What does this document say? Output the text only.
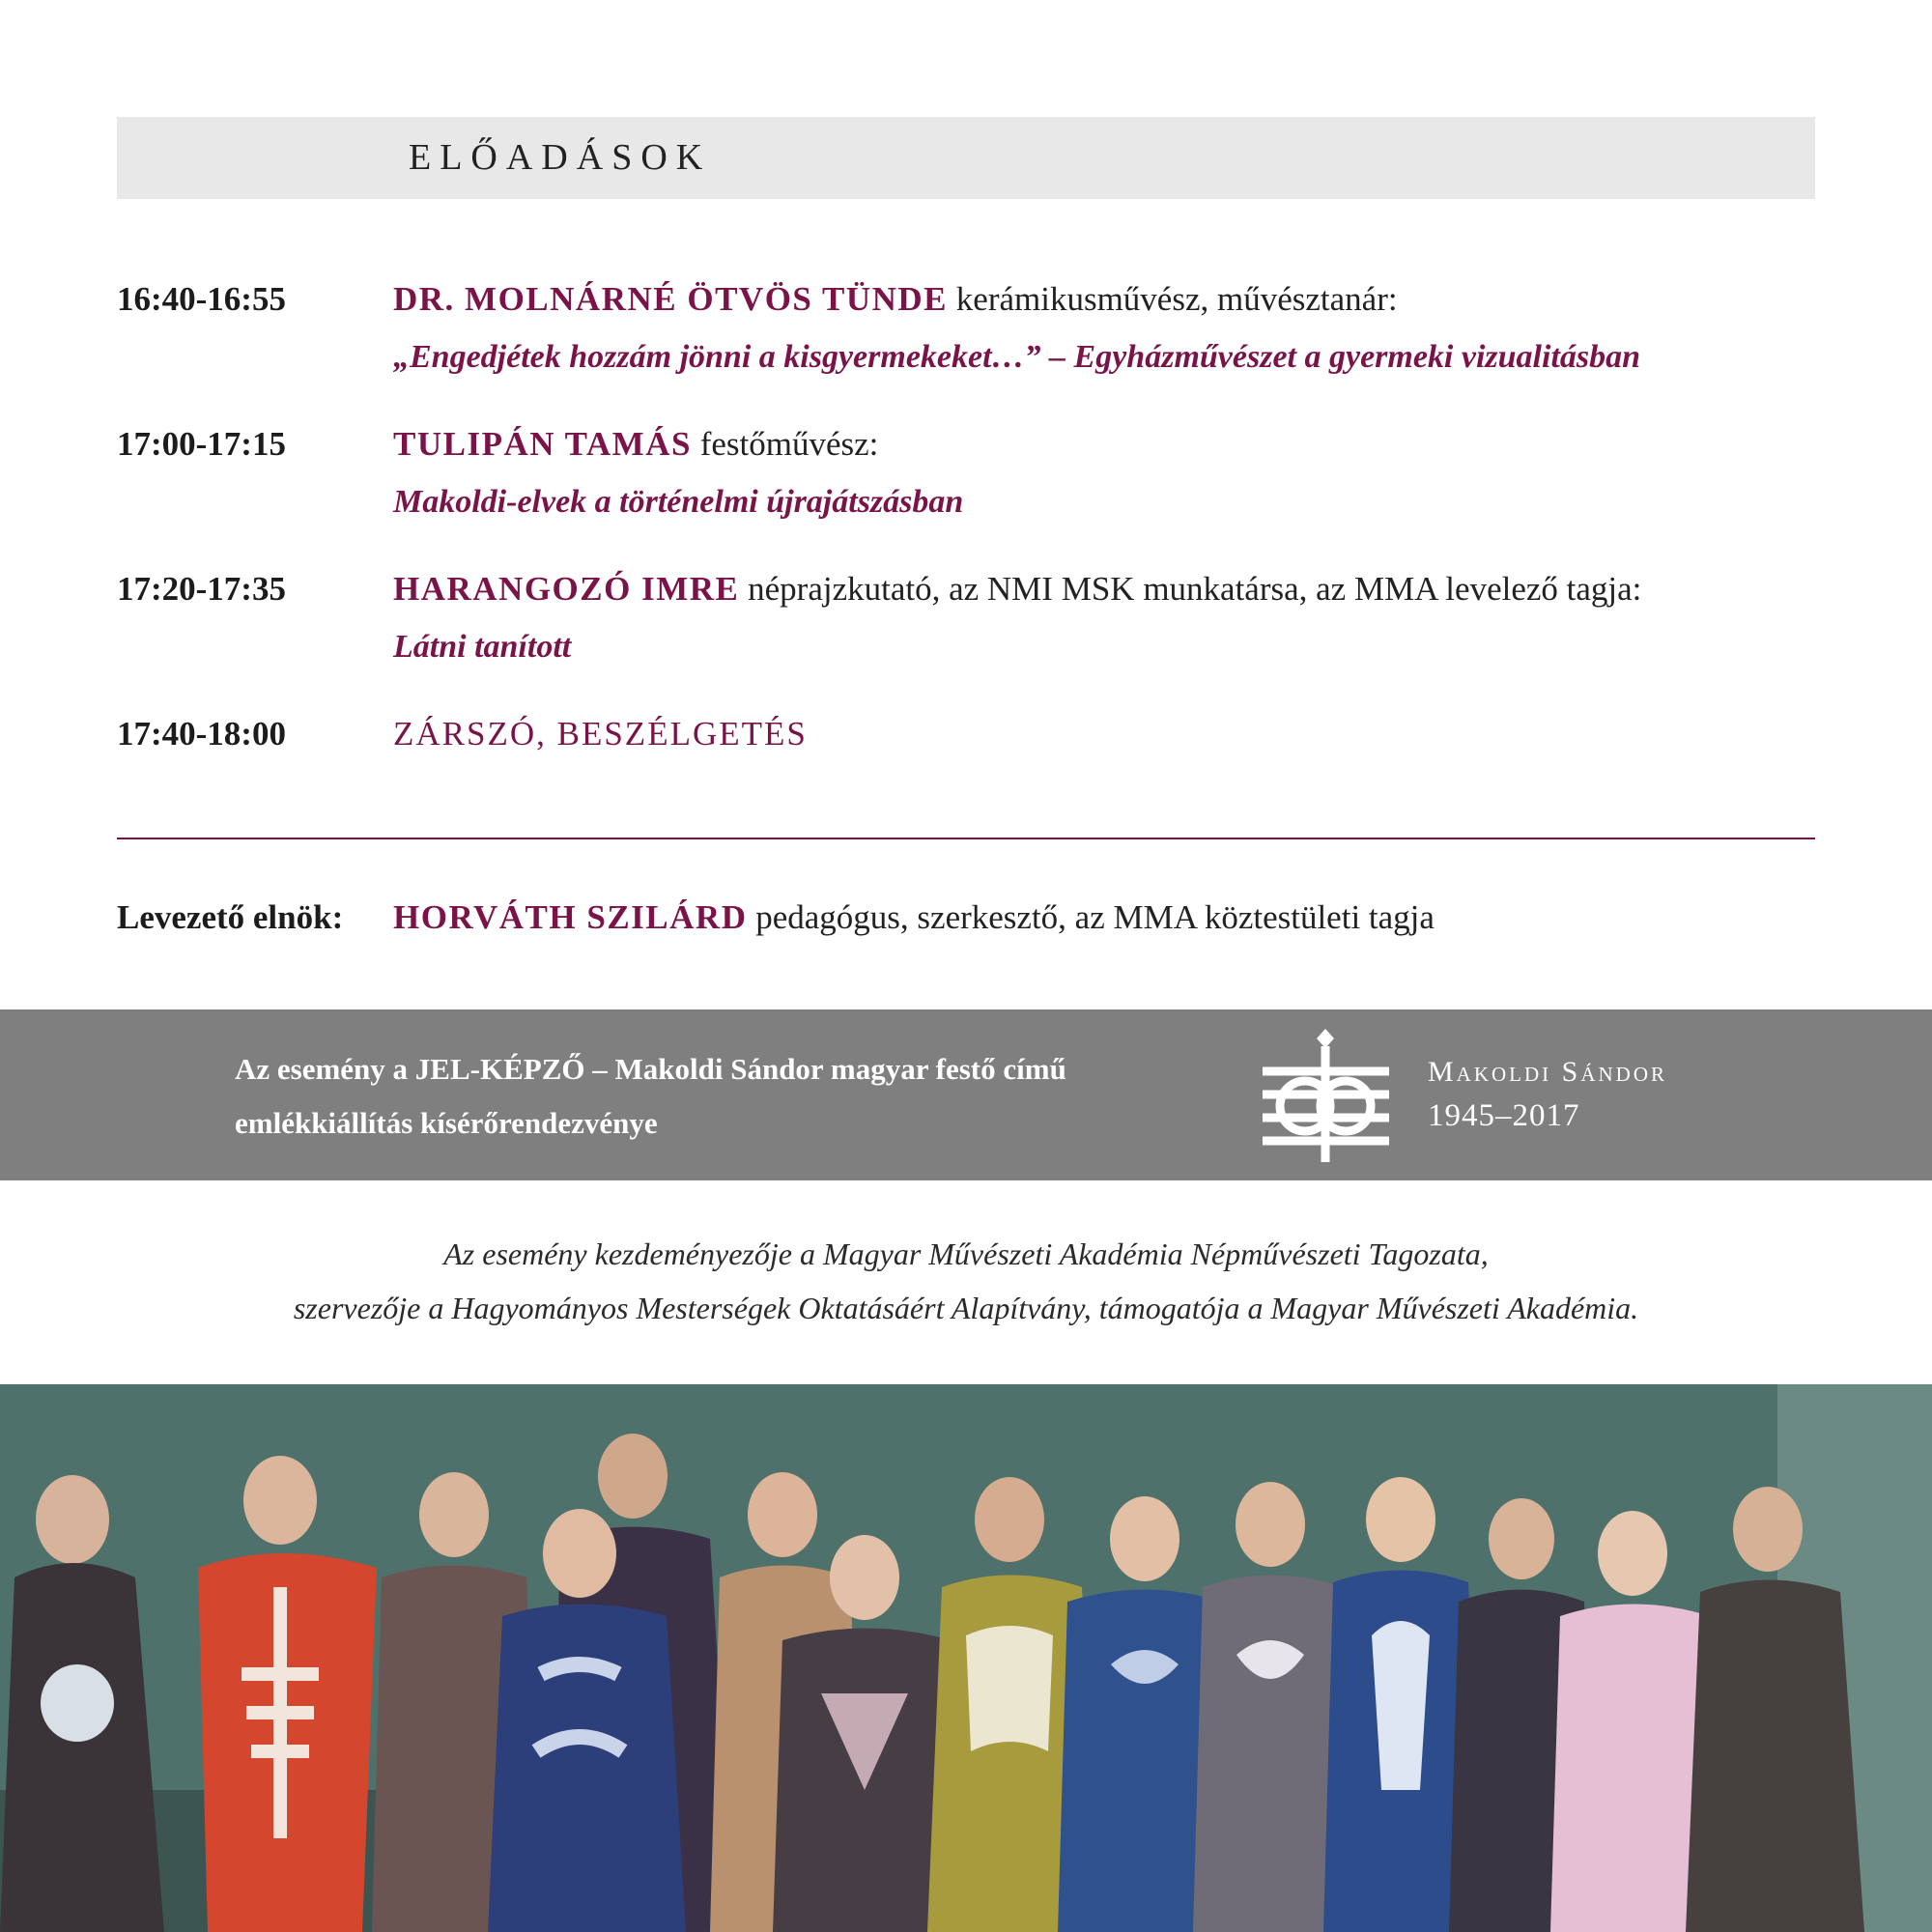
ELŐADÁSOK
16:40-16:55	DR. MOLNÁRNÉ ÖTVÖS TÜNDE kerámikusművész, művésztanár:
„Engedjétek hozzám jönni a kisgyermekeket…” – Egyházművészet a gyermeki vizualitásban
17:00-17:15	TULIPÁN TAMÁS festőművész:
Makoldi-elvek a történelmi újrajátszásban
17:20-17:35	HARANGOZÓ IMRE néprajzkutató, az NMI MSK munkatársa, az MMA levelező tagja:
Látni tanított
17:40-18:00	ZÁRSZÓ, BESZÉLGETÉS
Levezető elnök:	HORVÁTH SZILÁRD pedagógus, szerkesztő, az MMA köztestületi tagja
Az esemény a JEL-KÉPZŐ – Makoldi Sándor magyar festő című
emlékkiállítás kísérőrendezvénye
Makoldi Sándor
1945–2017
Az esemény kezdeményezője a Magyar Művészeti Akadémia Népművészeti Tagozata,
szervezője a Hagyományos Mesterségek Oktatásáért Alapítvány, támogatója a Magyar Művészeti Akadémia.
